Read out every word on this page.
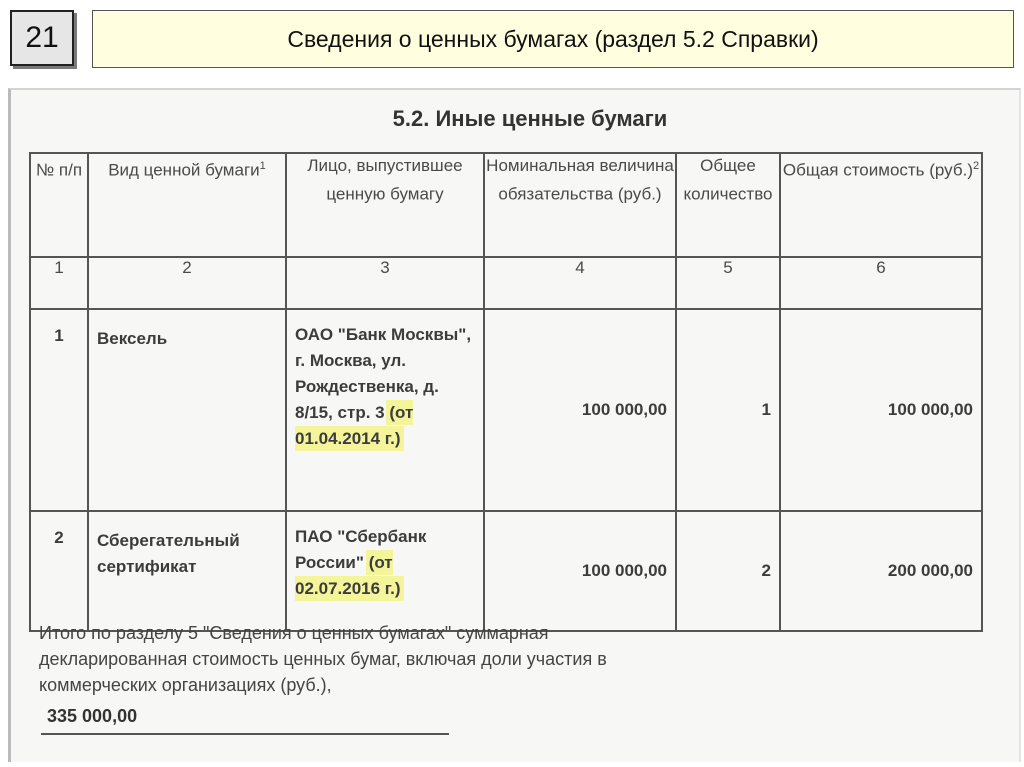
21	Сведения о ценных бумагах (раздел 5.2 Справки)
5.2. Иные ценные бумаги
№ п/п	Вид ценной бумаги$^1$	Лицо, выпустившее ценную бумагу	Номинальная величина обязательства (руб.)	Общее количество	Общая стоимость $(руб.)^2$
1	2	3	4	5	6
1	Вексель	ОАО "Банк Москвы", г. Москва, ул. Рождественка, д. 8/15, стр. 3 (от 01.04.2014 г.)	100 000,00	1	100 000,00
2	Сберегательный сертификат	ПАО "Сбербанк России" (от 02.07.2016 г.)	100 000,00	2	200 000,00
Итого по разделу 5 "Сведения о ценных бумагах" суммарная декларированная стоимость ценных бумаг, включая доли участия в коммерческих организациях (руб.),
335 000,00
